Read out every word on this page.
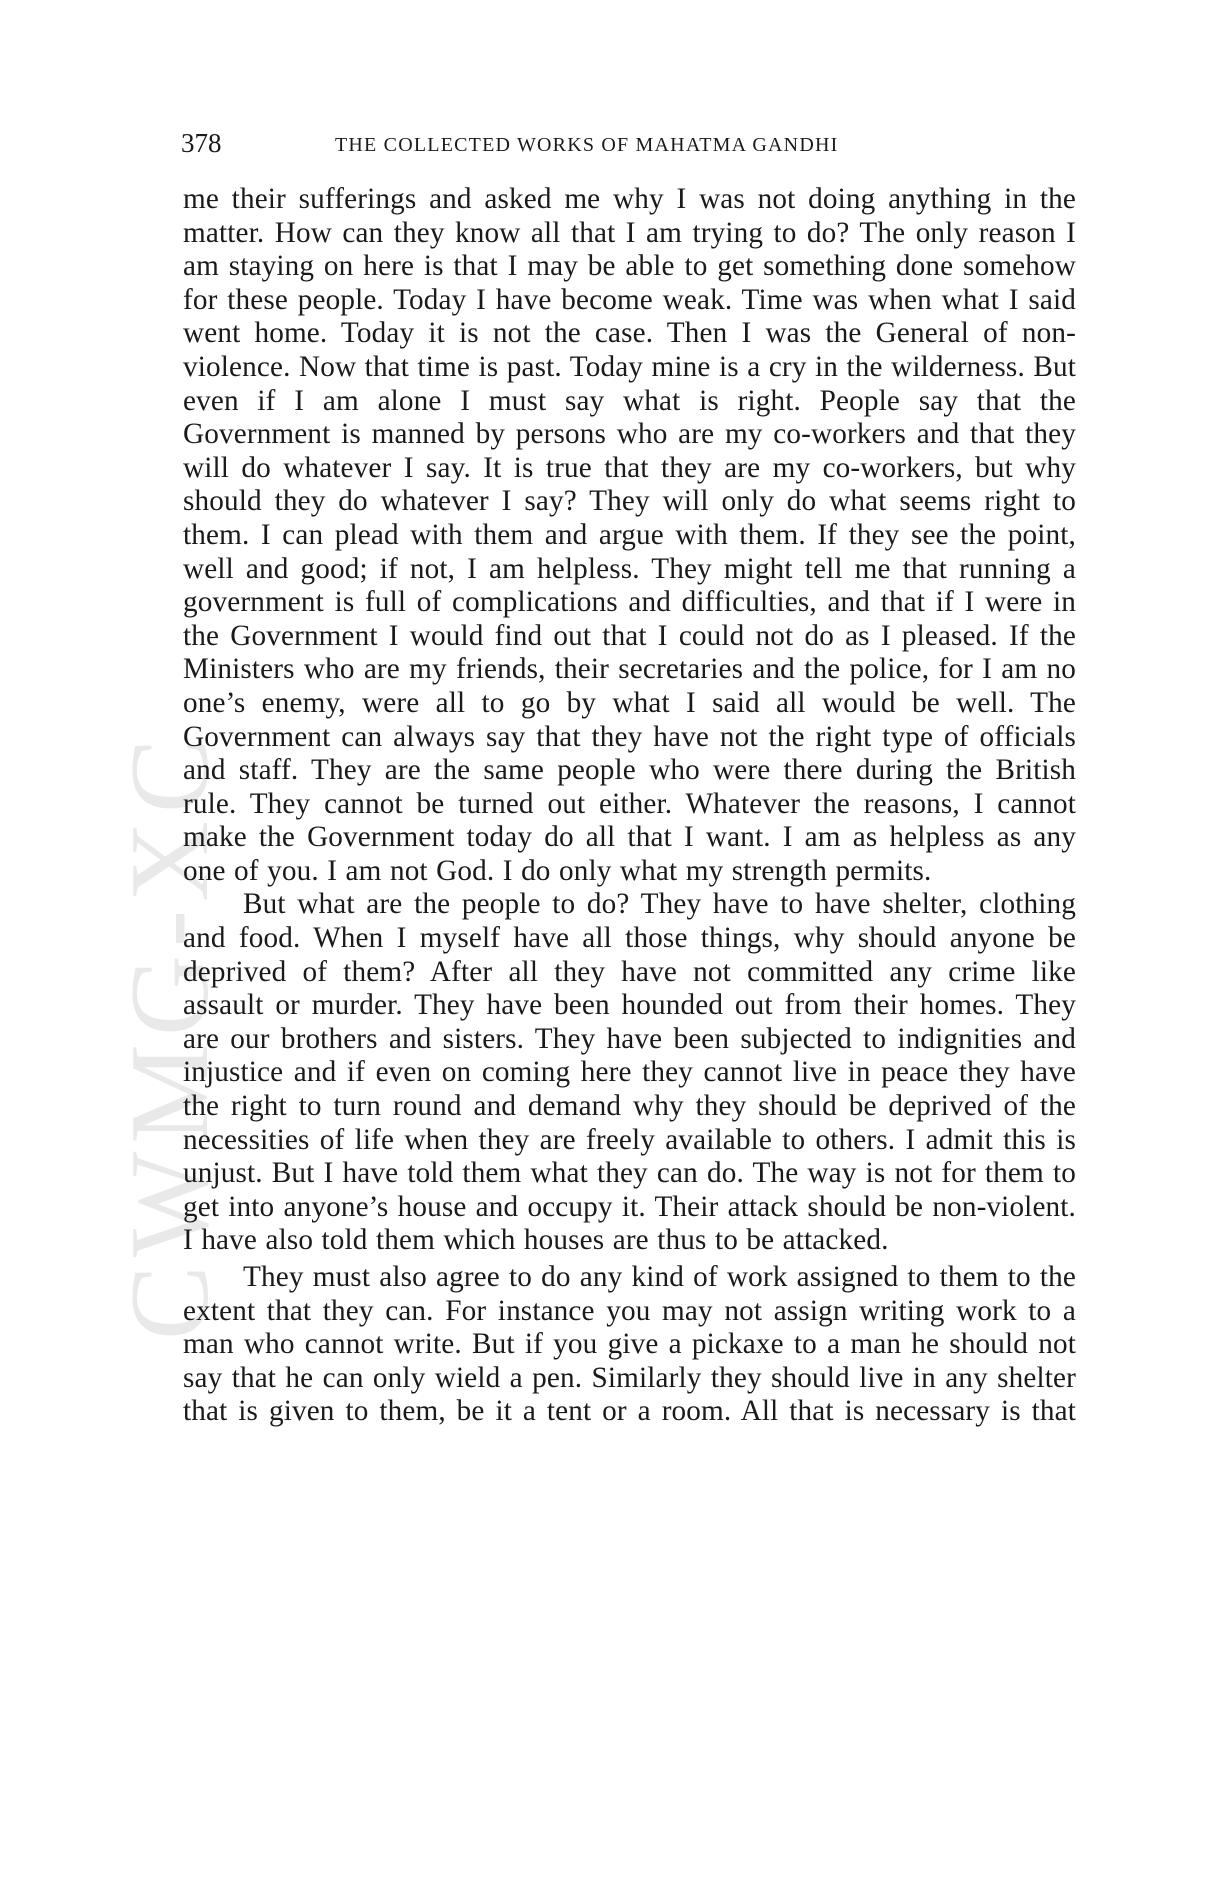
378	THE COLLECTED WORKS OF MAHATMA GANDHI
CWMG-XC

me their sufferings and asked me why I was not doing anything in the matter. How can they know all that I am trying to do? The only reason I am staying on here is that I may be able to get something done somehow for these people. Today I have become weak. Time was when what I said went home. Today it is not the case. Then I was the General of non-violence. Now that time is past. Today mine is a cry in the wilderness. But even if I am alone I must say what is right. People say that the Government is manned by persons who are my co-workers and that they will do whatever I say. It is true that they are my co-workers, but why should they do whatever I say? They will only do what seems right to them. I can plead with them and argue with them. If they see the point, well and good; if not, I am helpless. They might tell me that running a government is full of complications and difficulties, and that if I were in the Government I would find out that I could not do as I pleased. If the Ministers who are my friends, their secretaries and the police, for I am no one’s enemy, were all to go by what I said all would be well. The Government can always say that they have not the right type of officials and staff. They are the same people who were there during the British rule. They cannot be turned out either. Whatever the reasons, I cannot make the Government today do all that I want. I am as helpless as any one of you. I am not God. I do only what my strength permits.

But what are the people to do? They have to have shelter, clothing and food. When I myself have all those things, why should anyone be deprived of them? After all they have not committed any crime like assault or murder. They have been hounded out from their homes. They are our brothers and sisters. They have been subjected to indignities and injustice and if even on coming here they cannot live in peace they have the right to turn round and demand why they should be deprived of the necessities of life when they are freely available to others. I admit this is unjust. But I have told them what they can do. The way is not for them to get into anyone’s house and occupy it. Their attack should be non-violent. I have also told them which houses are thus to be attacked.

They must also agree to do any kind of work assigned to them to the extent that they can. For instance you may not assign writing work to a man who cannot write. But if you give a pickaxe to a man he should not say that he can only wield a pen. Similarly they should live in any shelter that is given to them, be it a tent or a room. All that is necessary is that
